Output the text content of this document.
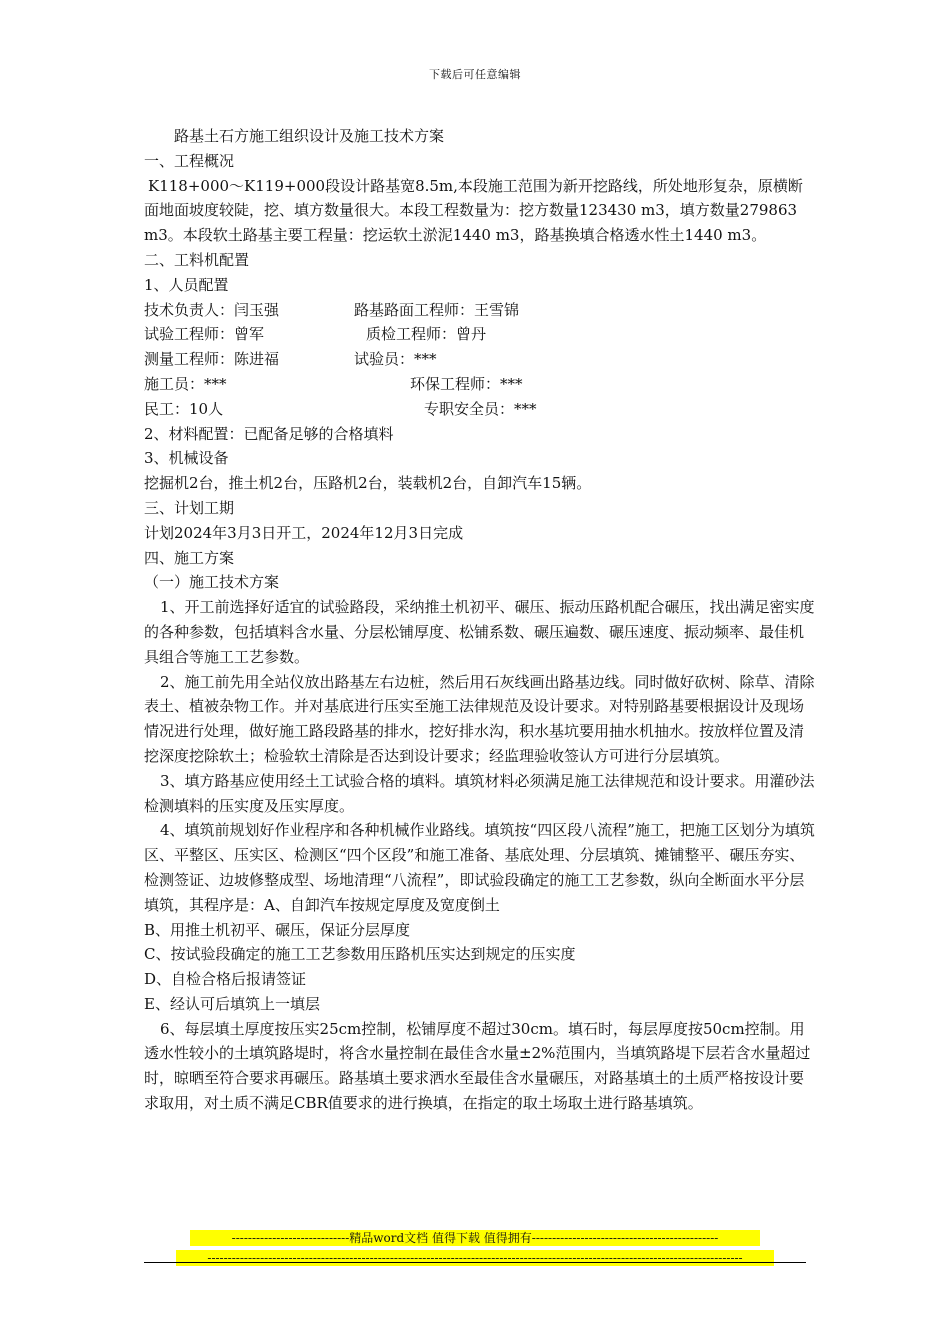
下载后可任意编辑

路基土石方施工组织设计及施工技术方案

一、工程概况

K118+000～K119+000段设计路基宽8.5m,本段施工范围为新开挖路线，所处地形复杂，原横断面地面坡度较陡，挖、填方数量很大。本段工程数量为：挖方数量123430 m3，填方数量279863 m3。本段软土路基主要工程量：挖运软土淤泥1440 m3，路基换填合格透水性土1440 m3。

二、工料机配置

1、人员配置

技术负责人：闫玉强	路基路面工程师：王雪锦
试验工程师：曾军	质检工程师：曾丹
测量工程师：陈进福	试验员：***
施工员：***	环保工程师：***
民工：10人	专职安全员：***

2、材料配置：已配备足够的合格填料

3、机械设备

挖掘机2台，推土机2台，压路机2台，装载机2台，自卸汽车15辆。

三、计划工期

计划2024年3月3日开工，2024年12月3日完成

四、施工方案

（一）施工技术方案

1、开工前选择好适宜的试验路段，采纳推土机初平、碾压、振动压路机配合碾压，找出满足密实度的各种参数，包括填料含水量、分层松铺厚度、松铺系数、碾压遍数、碾压速度、振动频率、最佳机具组合等施工工艺参数。

2、施工前先用全站仪放出路基左右边桩，然后用石灰线画出路基边线。同时做好砍树、除草、清除表土、植被杂物工作。并对基底进行压实至施工法律规范及设计要求。对特别路基要根据设计及现场情况进行处理，做好施工路段路基的排水，挖好排水沟，积水基坑要用抽水机抽水。按放样位置及清挖深度挖除软土；检验软土清除是否达到设计要求；经监理验收签认方可进行分层填筑。

3、填方路基应使用经土工试验合格的填料。填筑材料必须满足施工法律规范和设计要求。用灌砂法检测填料的压实度及压实厚度。

4、填筑前规划好作业程序和各种机械作业路线。填筑按“四区段八流程”施工，把施工区划分为填筑区、平整区、压实区、检测区“四个区段”和施工准备、基底处理、分层填筑、摊铺整平、碾压夯实、检测签证、边坡修整成型、场地清理“八流程”，即试验段确定的施工工艺参数，纵向全断面水平分层填筑，其程序是：A、自卸汽车按规定厚度及宽度倒土

B、用推土机初平、碾压，保证分层厚度

C、按试验段确定的施工工艺参数用压路机压实达到规定的压实度

D、自检合格后报请签证

E、经认可后填筑上一填层

6、每层填土厚度按压实25cm控制，松铺厚度不超过30cm。填石时，每层厚度按50cm控制。用透水性较小的土填筑路堤时，将含水量控制在最佳含水量±2%范围内，当填筑路堤下层若含水量超过时，晾晒至符合要求再碾压。路基填土要求洒水至最佳含水量碾压，对路基填土的土质严格按设计要求取用，对土质不满足CBR值要求的进行换填，在指定的取土场取土进行路基填筑。

-----------------------------精品word文档 值得下载 值得拥有----------------------------------------------
------------------------------------------------------------------------------------------------------------------------------------
